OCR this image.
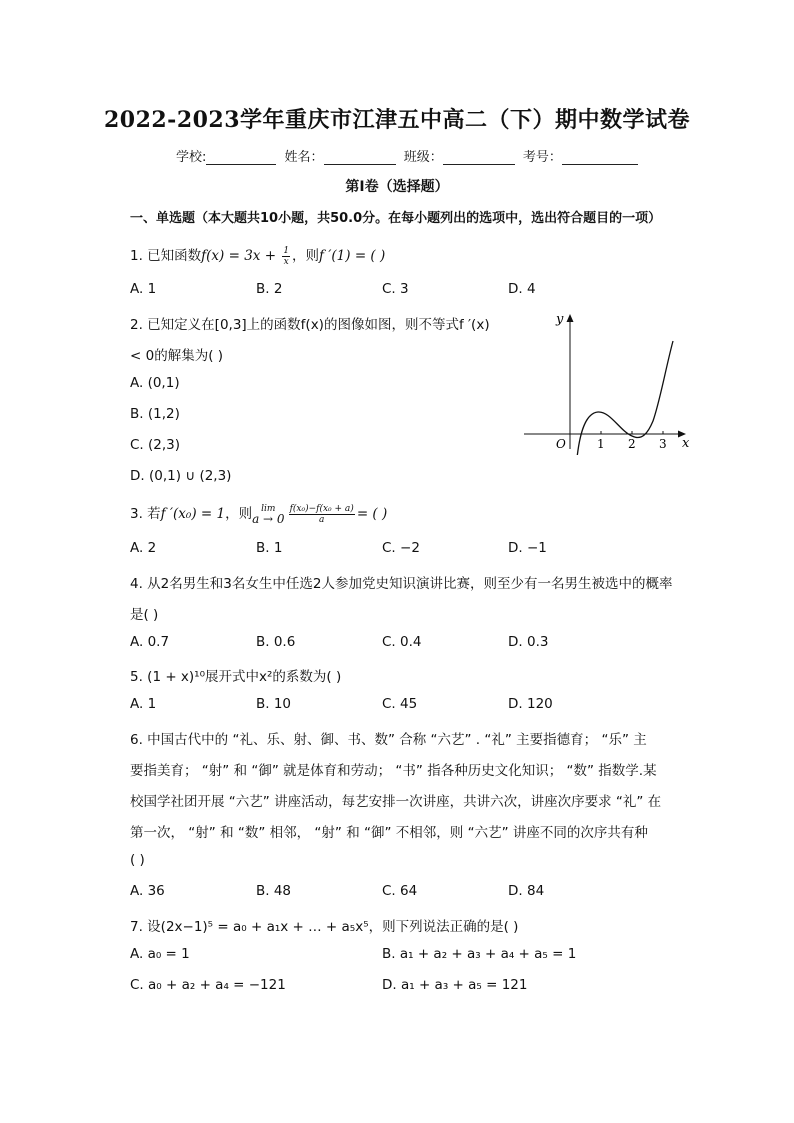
2022-2023学年重庆市江津五中高二（下）期中数学试卷
学校:	姓名：	班级：	考号：
第I卷（选择题）
一、单选题（本大题共10小题，共50.0分。在每小题列出的选项中，选出符合题目的一项）
1. 已知函数$f(x) = 3x + \frac{1}{x}$ ，则f ′(1) = ( )
A. 1	B. 2	C. 3	D. 4
2. 已知定义在[0,3]上的函数f(x)的图像如图，则不等式f ′(x)
< 0的解集为( )
A. (0,1)
B. (1,2)
C. (2,3)
D. (0,1) ∪ (2,3)
y
x
O	1 2 3
3. 若f ′(x₀) = 1，则	lim
$a \to 0 \frac{\text{f(x₀)−f(x₀ + a)}}{a}$ = ( )
A. 2	B. 1	C. −2	D. −1
4. 从2名男生和3名女生中任选2人参加党史知识演讲比赛，则至少有一名男生被选中的概率
是( )
A. 0.7	B. 0.6	C. 0.4	D. 0.3
5. (1 + x)¹⁰展开式中x²的系数为( )
A. 1	B. 10	C. 45	D. 120
6. 中国古代中的 “礼、乐、射、御、书、数” 合称 “六艺” . “礼” 主要指德育； “乐” 主
要指美育； “射” 和 “御” 就是体育和劳动； “书” 指各种历史文化知识； “数” 指数学.某
校国学社团开展 “六艺” 讲座活动，每艺安排一次讲座，共讲六次，讲座次序要求 “礼” 在
第一次， “射” 和 “数” 相邻， “射” 和 “御” 不相邻，则 “六艺” 讲座不同的次序共有种
( )
A. 36	B. 48	C. 64	D. 84
7. 设(2x−1)⁵ = a₀ + a₁x + … + a₅x⁵，则下列说法正确的是( )
A. a₀ = 1	B. a₁ + a₂ + a₃ + a₄ + a₅ = 1
C. a₀ + a₂ + a₄ = −121	D. a₁ + a₃ + a₅ = 121
